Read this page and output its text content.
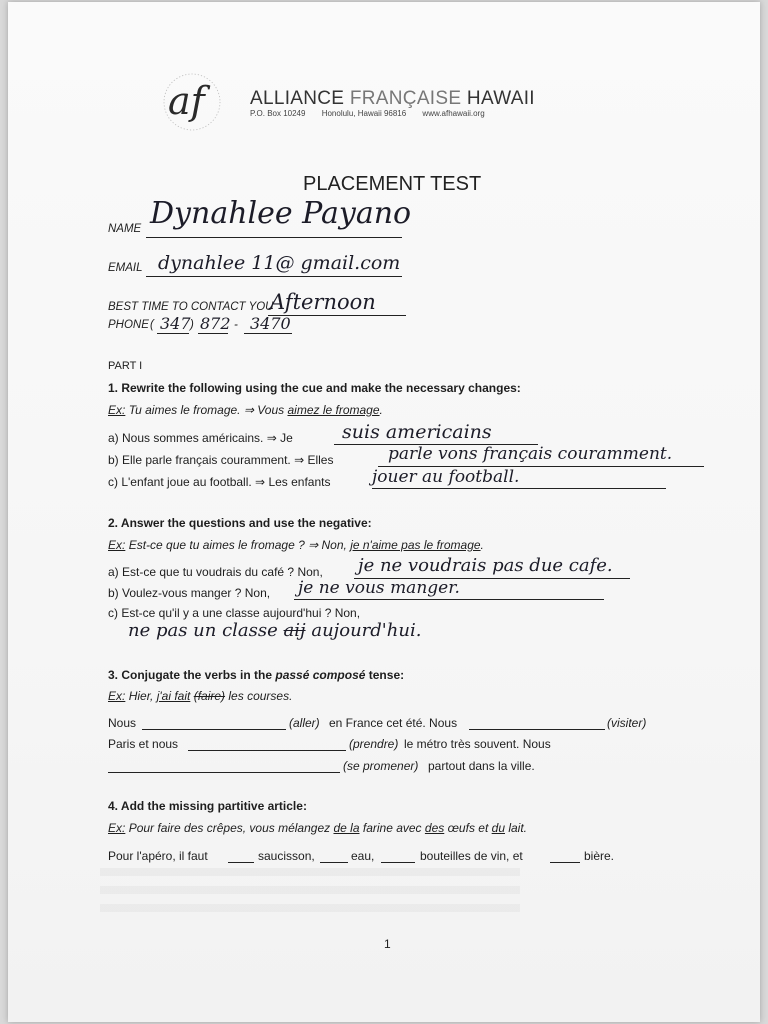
af	ALLIANCE FRANÇAISE HAWAII
P.O. Box 10249 Honolulu, Hawaii 96816 www.afhawaii.org
PLACEMENT TEST
NAME Dynahlee Payano
EMAIL dynahlee 11@ gmail.com
BEST TIME TO CONTACT YOU
Afternoon
PHONE ( 347 ) 872 - 3470
PART I
1. Rewrite the following using the cue and make the necessary changes:
Ex: Tu aimes le fromage. ⇒ Vous aimez le fromage.
a) Nous sommes américains. ⇒ Je	suis americains
b) Elle parle français couramment. ⇒ Elles	parle vons français couramment.
c) L'enfant joue au football. ⇒ Les enfants jouer au football.
2. Answer the questions and use the negative:
Ex: Est-ce que tu aimes le fromage ? ⇒ Non, je n'aime pas le fromage.
a) Est-ce que tu voudrais du café ? Non, je ne voudrais pas due cafe.
b) Voulez-vous manger ? Non, je ne vous manger.
c) Est-ce qu'il y a une classe aujourd'hui ? Non,
ne pas un classe aij aujourd'hui.
3. Conjugate the verbs in the passé composé tense:
Ex: Hier, j'ai fait (faire) les courses.
Nous	(aller) en France cet été. Nous	(visiter)
Paris et nous	(prendre) le métro très souvent. Nous
(se promener) partout dans la ville.
4. Add the missing partitive article:
Ex: Pour faire des crêpes, vous mélangez de la farine avec des œufs et du lait.
Pour l'apéro, il faut	saucisson,	eau,	bouteilles de vin, et	bière.
1
